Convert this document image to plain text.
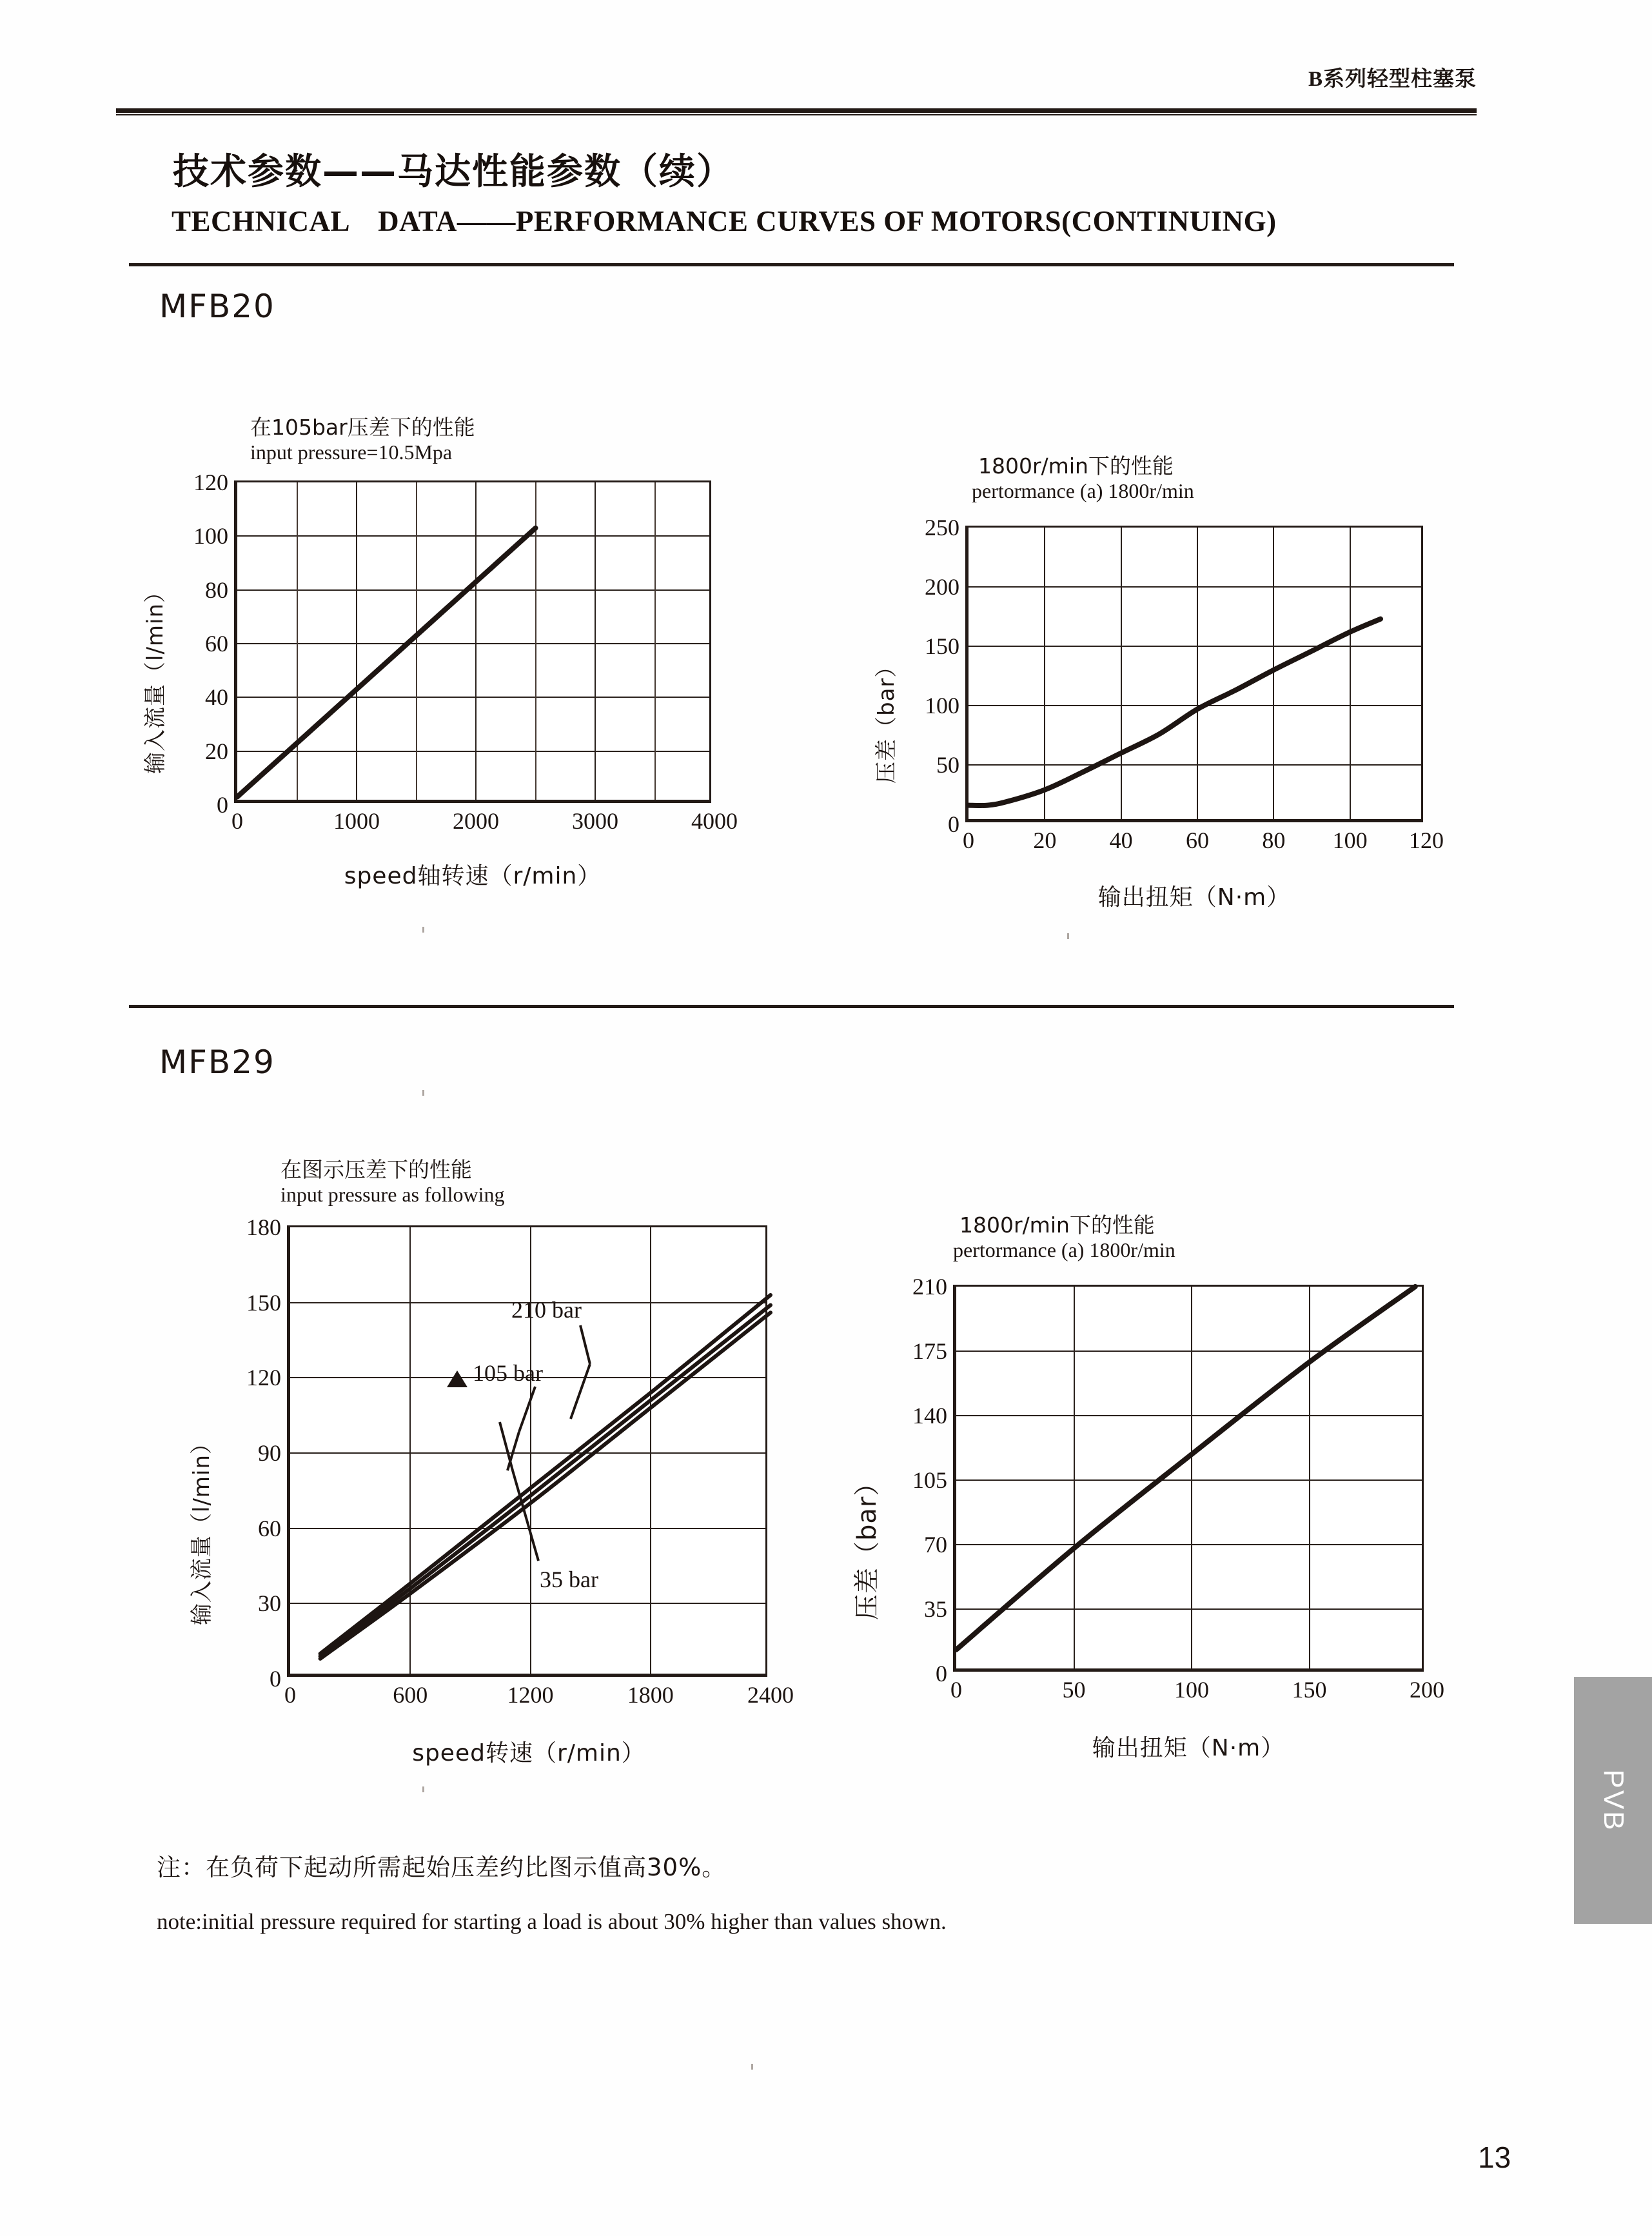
B系列轻型柱塞泵
技术参数——马达性能参数（续）
TECHNICAL　DATA——PERFORMANCE CURVES OF MOTORS(CONTINUING)
MFB20
在105bar压差下的性能
input pressure=10.5Mpa
0
20
40
60
80
100
120
0	1000	2000	3000	4000
输入流量（l/min）
speed轴转速（r/min）
1800r/min下的性能
pertormance (a) 1800r/min
0
50
100
150
200
250
0	20 40 60 80 100 120
压差（bar）
输出扭矩（N·m）
MFB29
在图示压差下的性能
input pressure as following
0
30
60
90
120
150
180
0	600	1200	1800	2400
输入流量（l/min）
speed转速（r/min）
210 bar
105 bar
35 bar
1800r/min下的性能
pertormance (a) 1800r/min
0
35
70
105
140
175
210
0	50	100	150	200
压差（bar）
输出扭矩（N·m）
注：在负荷下起动所需起始压差约比图示值高30%。
note:initial pressure required for starting a load is about 30% higher than values shown.
PVB
13
